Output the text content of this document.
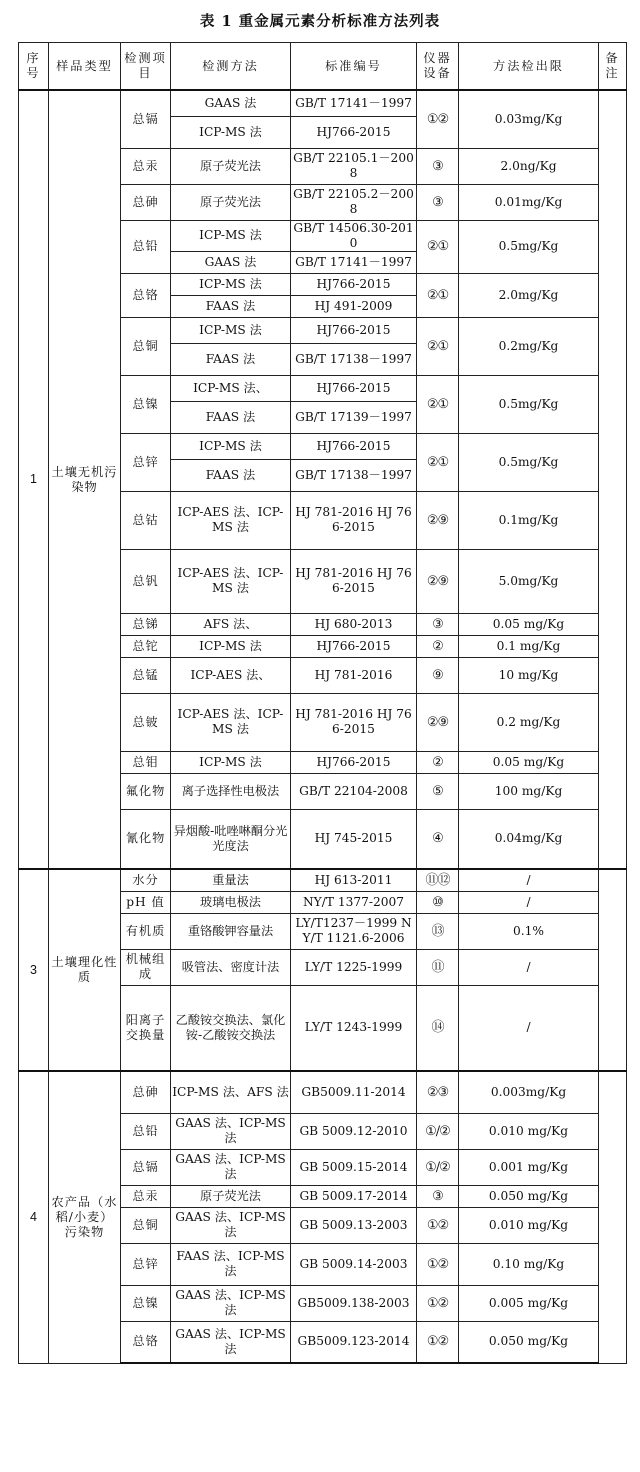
表 1 重金属元素分析标准方法列表
序号	样品类型	检测项目	检测方法	标准编号	仪器设备	方法检出限	备注
1	土壤无机污染物	总镉	GAAS 法	GB/T 17141－1997	①②	0.03mg/Kg	
			ICP-MS 法	HJ766-2015			
		总汞	原子荧光法	GB/T 22105.1－2008	③	2.0ng/Kg	
		总砷	原子荧光法	GB/T 22105.2－2008	③	0.01mg/Kg	
		总铅	ICP-MS 法	GB/T 14506.30-2010	②①	0.5mg/Kg	
			GAAS 法	GB/T 17141－1997			
		总铬	ICP-MS 法	HJ766-2015	②①	2.0mg/Kg	
			FAAS 法	HJ 491-2009			
		总铜	ICP-MS 法	HJ766-2015	②①	0.2mg/Kg	
			FAAS 法	GB/T 17138－1997			
		总镍	ICP-MS 法、	HJ766-2015	②①	0.5mg/Kg	
			FAAS 法	GB/T 17139－1997			
		总锌	ICP-MS 法	HJ766-2015	②①	0.5mg/Kg	
			FAAS 法	GB/T 17138－1997			
		总钴	ICP-AES 法、ICP-MS 法	HJ 781-2016 HJ 766-2015	②⑨	0.1mg/Kg	
		总钒	ICP-AES 法、ICP-MS 法	HJ 781-2016 HJ 766-2015	②⑨	5.0mg/Kg	
		总锑	AFS 法、	HJ 680-2013	③	0.05 mg/Kg	
		总铊	ICP-MS 法	HJ766-2015	②	0.1 mg/Kg	
		总锰	ICP-AES 法、	HJ 781-2016	⑨	10 mg/Kg	
		总铍	ICP-AES 法、ICP-MS 法	HJ 781-2016 HJ 766-2015	②⑨	0.2 mg/Kg	
		总钼	ICP-MS 法	HJ766-2015	②	0.05 mg/Kg	
		氟化物	离子选择性电极法	GB/T 22104-2008	⑤	100 mg/Kg	
		氰化物	异烟酸-吡唑啉酮分光光度法	HJ 745-2015	④	0.04mg/Kg	
3	土壤理化性质	水分	重量法	HJ 613-2011	⑪⑫	/	
		pH 值	玻璃电极法	NY/T 1377-2007	⑩	/	
		有机质	重铬酸钾容量法	LY/T1237－1999 NY/T 1121.6-2006	⑬	0.1%	
		机械组成	吸管法、密度计法	LY/T 1225-1999	⑪	/	
		阳离子交换量	乙酸铵交换法、氯化铵-乙酸铵交换法	LY/T 1243-1999	⑭	/	
4	农产品（水稻/小麦）污染物	总砷	ICP-MS 法、AFS 法	GB5009.11-2014	②③	0.003mg/Kg	
		总铅	GAAS 法、ICP-MS 法	GB 5009.12-2010	①/②	0.010 mg/Kg	
		总镉	GAAS 法、ICP-MS 法	GB 5009.15-2014	①/②	0.001 mg/Kg	
		总汞	原子荧光法	GB 5009.17-2014	③	0.050 mg/Kg	
		总铜	GAAS 法、ICP-MS 法	GB 5009.13-2003	①②	0.010 mg/Kg	
		总锌	FAAS 法、ICP-MS 法	GB 5009.14-2003	①②	0.10 mg/Kg	
		总镍	GAAS 法、ICP-MS 法	GB5009.138-2003	①②	0.005 mg/Kg	
		总铬	GAAS 法、ICP-MS 法	GB5009.123-2014	①②	0.050 mg/Kg	
